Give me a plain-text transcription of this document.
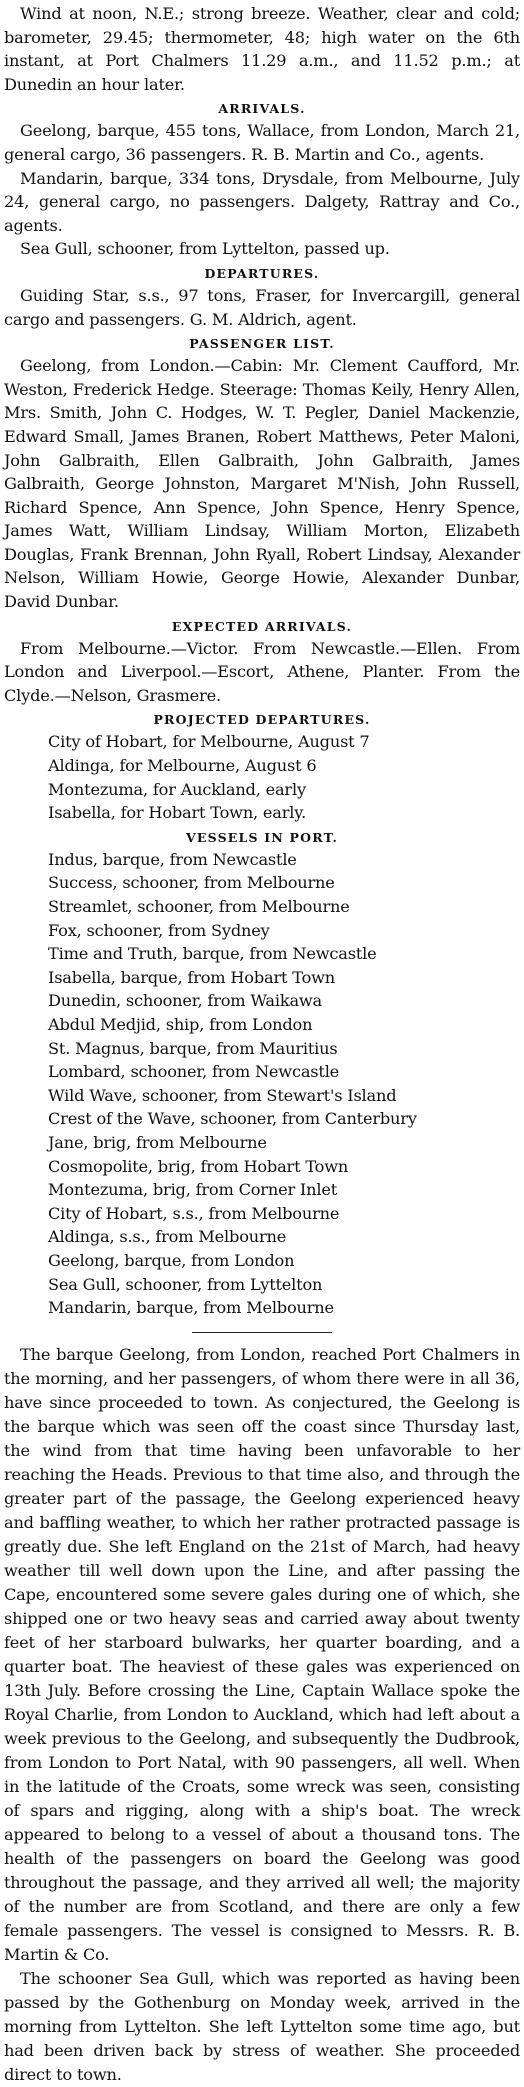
Wind at noon, N.E.; strong breeze. Weather, clear and cold; barometer, 29.45; thermometer, 48; high water on the 6th instant, at Port Chalmers 11.29 a.m., and 11.52 p.m.; at Dunedin an hour later.

ARRIVALS.

Geelong, barque, 455 tons, Wallace, from London, March 21, general cargo, 36 passengers. R. B. Martin and Co., agents.

Mandarin, barque, 334 tons, Drysdale, from Melbourne, July 24, general cargo, no passengers. Dalgety, Rattray and Co., agents.

Sea Gull, schooner, from Lyttelton, passed up.

DEPARTURES.

Guiding Star, s.s., 97 tons, Fraser, for Invercargill, general cargo and passengers. G. M. Aldrich, agent.

PASSENGER LIST.

Geelong, from London.—Cabin: Mr. Clement Caufford, Mr. Weston, Frederick Hedge. Steerage: Thomas Keily, Henry Allen, Mrs. Smith, John C. Hodges, W. T. Pegler, Daniel Mackenzie, Edward Small, James Branen, Robert Matthews, Peter Maloni, John Galbraith, Ellen Galbraith, John Galbraith, James Galbraith, George Johnston, Margaret M'Nish, John Russell, Richard Spence, Ann Spence, John Spence, Henry Spence, James Watt, William Lindsay, William Morton, Elizabeth Douglas, Frank Brennan, John Ryall, Robert Lindsay, Alexander Nelson, William Howie, George Howie, Alexander Dunbar, David Dunbar.

EXPECTED ARRIVALS.

From Melbourne.—Victor. From Newcastle.—Ellen. From London and Liverpool.—Escort, Athene, Planter. From the Clyde.—Nelson, Grasmere.

PROJECTED DEPARTURES.
City of Hobart, for Melbourne, August 7
Aldinga, for Melbourne, August 6
Montezuma, for Auckland, early
Isabella, for Hobart Town, early.
VESSELS IN PORT.
Indus, barque, from Newcastle
Success, schooner, from Melbourne
Streamlet, schooner, from Melbourne
Fox, schooner, from Sydney
Time and Truth, barque, from Newcastle
Isabella, barque, from Hobart Town
Dunedin, schooner, from Waikawa
Abdul Medjid, ship, from London
St. Magnus, barque, from Mauritius
Lombard, schooner, from Newcastle
Wild Wave, schooner, from Stewart's Island
Crest of the Wave, schooner, from Canterbury
Jane, brig, from Melbourne
Cosmopolite, brig, from Hobart Town
Montezuma, brig, from Corner Inlet
City of Hobart, s.s., from Melbourne
Aldinga, s.s., from Melbourne
Geelong, barque, from London
Sea Gull, schooner, from Lyttelton
Mandarin, barque, from Melbourne

The barque Geelong, from London, reached Port Chalmers in the morning, and her passengers, of whom there were in all 36, have since proceeded to town. As conjectured, the Geelong is the barque which was seen off the coast since Thursday last, the wind from that time having been unfavorable to her reaching the Heads. Previous to that time also, and through the greater part of the passage, the Geelong experienced heavy and baffling weather, to which her rather protracted passage is greatly due. She left England on the 21st of March, had heavy weather till well down upon the Line, and after passing the Cape, encountered some severe gales during one of which, she shipped one or two heavy seas and carried away about twenty feet of her starboard bulwarks, her quarter boarding, and a quarter boat. The heaviest of these gales was experienced on 13th July. Before crossing the Line, Captain Wallace spoke the Royal Charlie, from London to Auckland, which had left about a week previous to the Geelong, and subsequently the Dudbrook, from London to Port Natal, with 90 passengers, all well. When in the latitude of the Croats, some wreck was seen, consisting of spars and rigging, along with a ship's boat. The wreck appeared to belong to a vessel of about a thousand tons. The health of the passengers on board the Geelong was good throughout the passage, and they arrived all well; the majority of the number are from Scotland, and there are only a few female passengers. The vessel is consigned to Messrs. R. B. Martin & Co.

The schooner Sea Gull, which was reported as having been passed by the Gothenburg on Monday week, arrived in the morning from Lyttelton. She left Lyttelton some time ago, but had been driven back by stress of weather. She proceeded direct to town.
